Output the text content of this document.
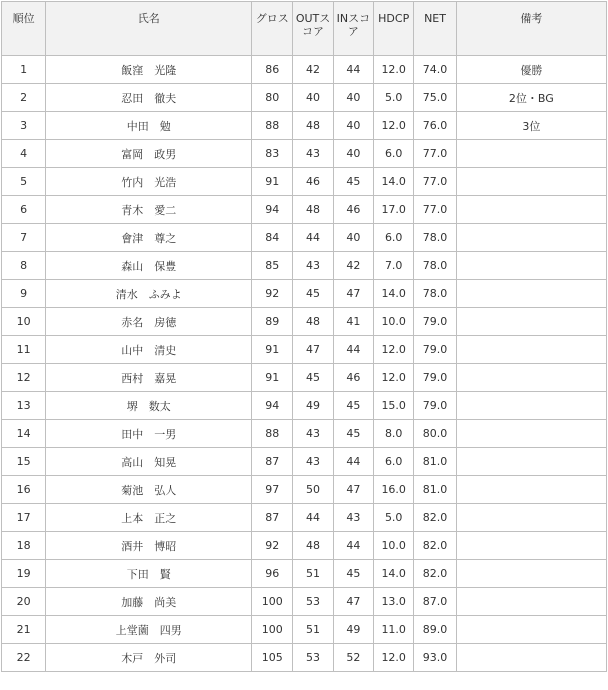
順位	氏名	グロス	OUTスコア	INスコア	HDCP	NET	備考
1	飯窪　光隆	86	42	44	12.0	74.0	優勝
2	忍田　徹夫	80	40	40	5.0	75.0	2位・BG
3	中田　勉	88	48	40	12.0	76.0	3位
4	富岡　政男	83	43	40	6.0	77.0	
5	竹内　光浩	91	46	45	14.0	77.0	
6	青木　愛二	94	48	46	17.0	77.0	
7	會津　尊之	84	44	40	6.0	78.0	
8	森山　保豊	85	43	42	7.0	78.0	
9	清水　ふみよ	92	45	47	14.0	78.0	
10	赤名　房徳	89	48	41	10.0	79.0	
11	山中　清史	91	47	44	12.0	79.0	
12	西村　嘉晃	91	45	46	12.0	79.0	
13	堺　数太	94	49	45	15.0	79.0	
14	田中　一男	88	43	45	8.0	80.0	
15	高山　知晃	87	43	44	6.0	81.0	
16	菊池　弘人	97	50	47	16.0	81.0	
17	上本　正之	87	44	43	5.0	82.0	
18	酒井　博昭	92	48	44	10.0	82.0	
19	下田　賢	96	51	45	14.0	82.0	
20	加藤　尚美	100	53	47	13.0	87.0	
21	上堂薗　四男	100	51	49	11.0	89.0	
22	木戸　外司	105	53	52	12.0	93.0	
